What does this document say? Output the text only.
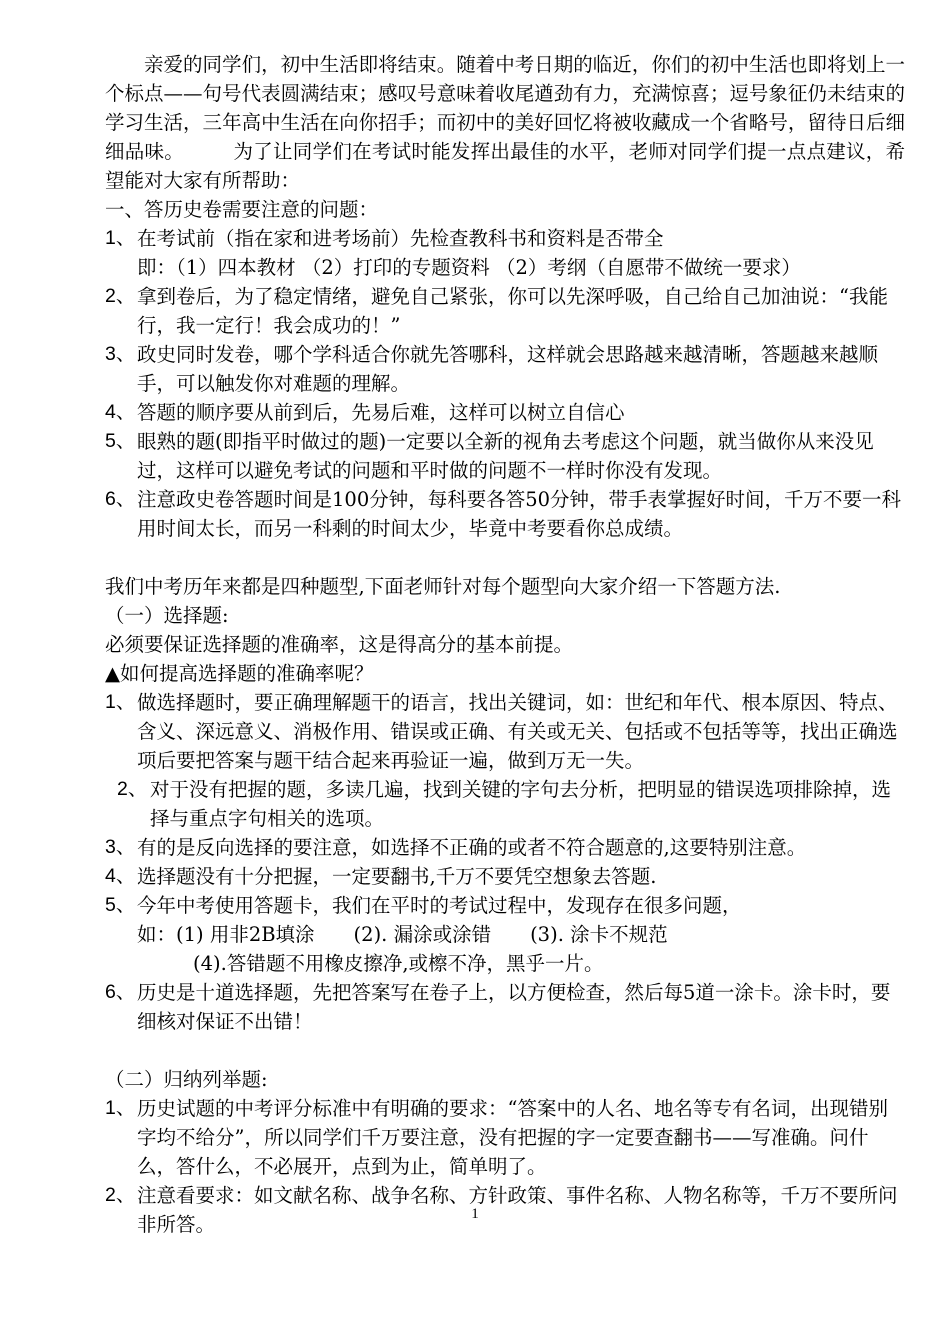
亲爱的同学们，初中生活即将结束。随着中考日期的临近，你们的初中生活也即将划上一个标点——句号代表圆满结束；感叹号意味着收尾遒劲有力，充满惊喜；逗号象征仍未结束的学习生活，三年高中生活在向你招手；而初中的美好回忆将被收藏成一个省略号，留待日后细细品味。　　　为了让同学们在考试时能发挥出最佳的水平，老师对同学们提一点点建议，希望能对大家有所帮助：

一、答历史卷需要注意的问题：

1、 在考试前（指在家和进考场前）先检查教科书和资料是否带全

即：（1）四本教材 （2）打印的专题资料 （2）考纲（自愿带不做统一要求）

2、 拿到卷后，为了稳定情绪，避免自己紧张，你可以先深呼吸，自己给自己加油说：“我能行，我一定行！我会成功的！”
3、 政史同时发卷，哪个学科适合你就先答哪科，这样就会思路越来越清晰，答题越来越顺手，可以触发你对难题的理解。
4、 答题的顺序要从前到后，先易后难，这样可以树立自信心
5、 眼熟的题(即指平时做过的题)一定要以全新的视角去考虑这个问题，就当做你从来没见过，这样可以避免考试的问题和平时做的问题不一样时你没有发现。
6、 注意政史卷答题时间是100分钟，每科要各答50分钟，带手表掌握好时间，千万不要一科用时间太长，而另一科剩的时间太少，毕竟中考要看你总成绩。

我们中考历年来都是四种题型,下面老师针对每个题型向大家介绍一下答题方法.

（一）选择题:

必须要保证选择题的准确率，这是得高分的基本前提。

▲如何提高选择题的准确率呢？

1、 做选择题时，要正确理解题干的语言，找出关键词，如：世纪和年代、根本原因、特点、含义、深远意义、消极作用、错误或正确、有关或无关、包括或不包括等等，找出正确选项后要把答案与题干结合起来再验证一遍，做到万无一失。
2、 对于没有把握的题，多读几遍，找到关键的字句去分析，把明显的错误选项排除掉，选择与重点字句相关的选项。
3、 有的是反向选择的要注意，如选择不正确的或者不符合题意的,这要特别注意。
4、 选择题没有十分把握，一定要翻书,千万不要凭空想象去答题.
5、 今年中考使用答题卡，我们在平时的考试过程中，发现存在很多问题，

如：(1) 用非2B填涂　　(2). 漏涂或涂错　　(3). 涂卡不规范

(4).答错题不用橡皮擦净,或檫不净，黑乎一片。

6、 历史是十道选择题，先把答案写在卷子上，以方便检查，然后每5道一涂卡。涂卡时，要细核对保证不出错！

（二）归纳列举题:

1、 历史试题的中考评分标准中有明确的要求：“答案中的人名、地名等专有名词，出现错别字均不给分”，所以同学们千万要注意，没有把握的字一定要查翻书——写准确。问什么，答什么，不必展开，点到为止，简单明了。
2、 注意看要求：如文献名称、战争名称、方针政策、事件名称、人物名称等，千万不要所问非所答。	1
